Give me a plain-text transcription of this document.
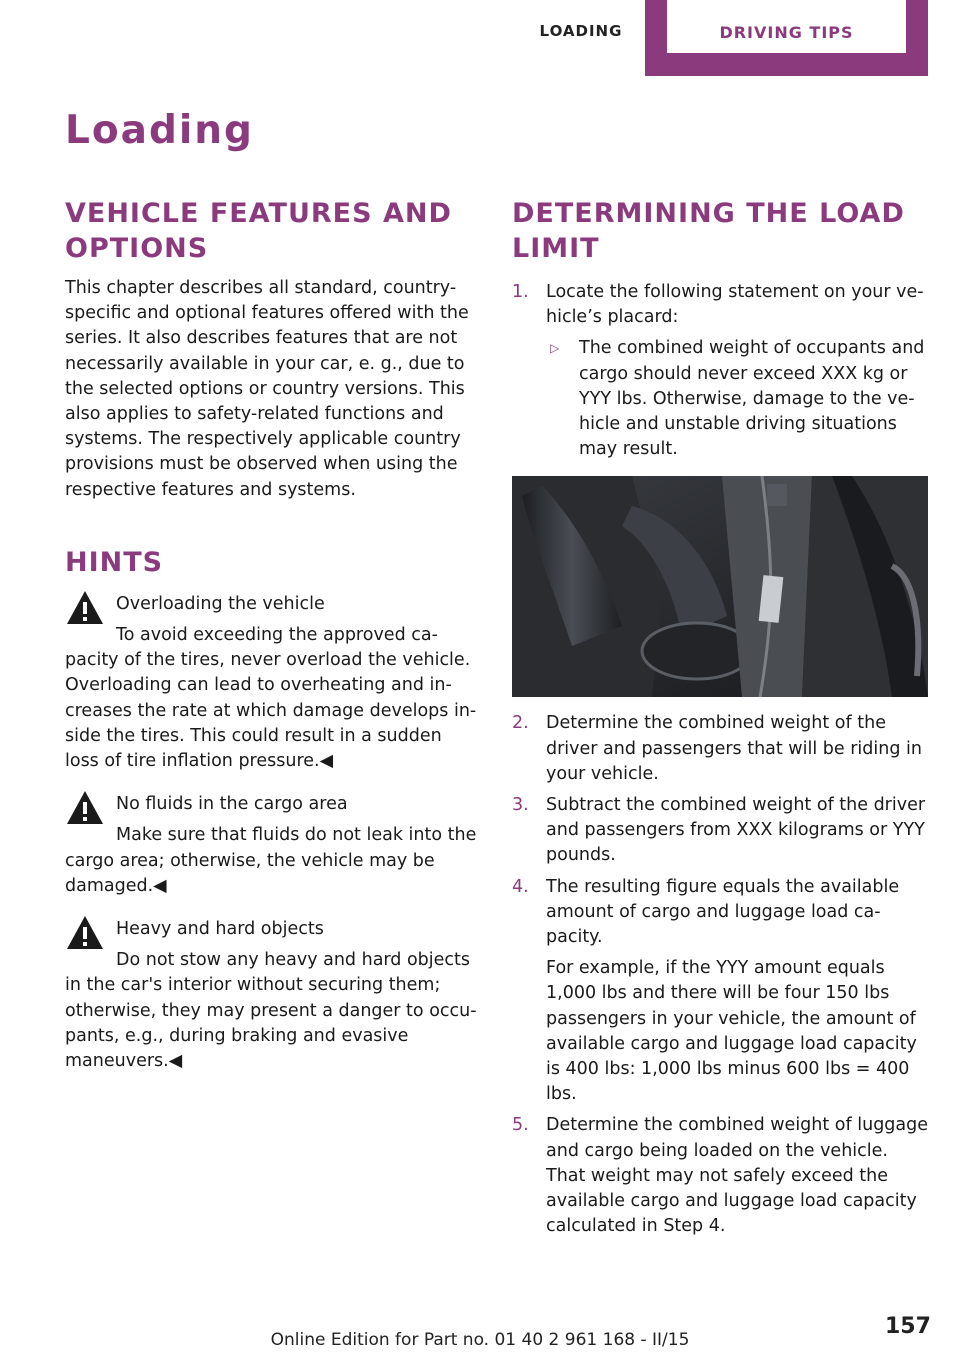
LOADING	DRIVING TIPS
Loading
VEHICLE FEATURES AND OPTIONS

This chapter describes all standard, country-specific and optional features offered with the series. It also describes features that are not necessarily available in your car, e. g., due to the selected options or country versions. This also applies to safety-related functions and systems. The respectively applicable country provisions must be observed when using the respective features and systems.

HINTS

Overloading the vehicle

To avoid exceeding the approved capacity of the tires, never overload the vehicle. Overloading can lead to overheating and increases the rate at which damage develops inside the tires. This could result in a sudden loss of tire inflation pressure.◀

No fluids in the cargo area

Make sure that fluids do not leak into the cargo area; otherwise, the vehicle may be damaged.◀

Heavy and hard objects

Do not stow any heavy and hard objects in the car's interior without securing them; otherwise, they may present a danger to occupants, e.g., during braking and evasive maneuvers.◀

DETERMINING THE LOAD LIMIT
1. Locate the following statement on your vehicle’s placard:
▷ The combined weight of occupants and cargo should never exceed XXX kg or YYY lbs. Otherwise, damage to the vehicle and unstable driving situations may result.
2. Determine the combined weight of the driver and passengers that will be riding in your vehicle.
3. Subtract the combined weight of the driver and passengers from XXX kilograms or YYY pounds.
4. The resulting figure equals the available amount of cargo and luggage load capacity.

For example, if the YYY amount equals 1,000 lbs and there will be four 150 lbs passengers in your vehicle, the amount of available cargo and luggage load capacity is 400 lbs: 1,000 lbs minus 600 lbs = 400 lbs.

5. Determine the combined weight of luggage and cargo being loaded on the vehicle. That weight may not safely exceed the available cargo and luggage load capacity calculated in Step 4.
157
Online Edition for Part no. 01 40 2 961 168 - II/15
